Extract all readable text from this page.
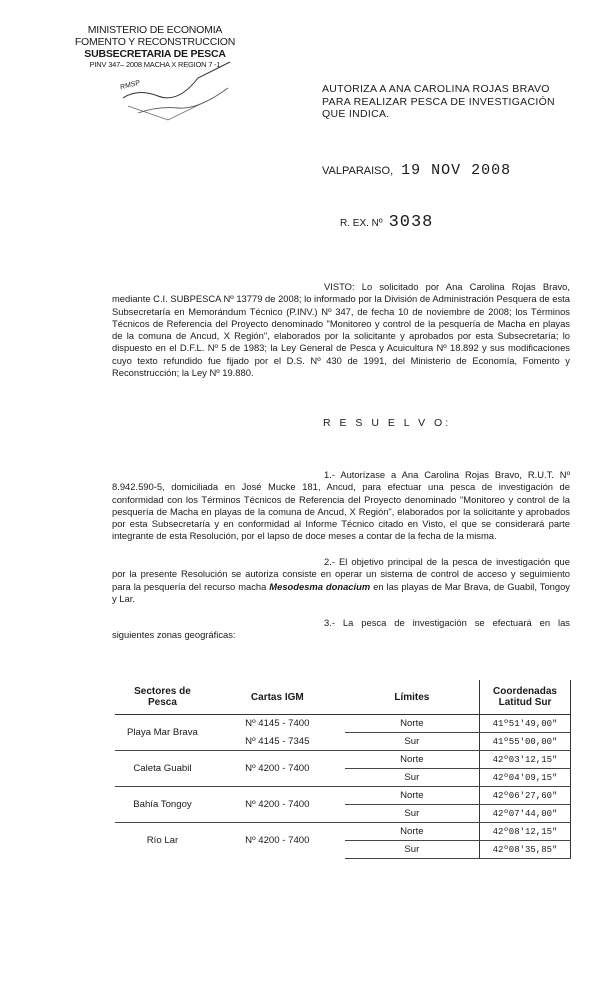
MINISTERIO DE ECONOMIA
FOMENTO Y RECONSTRUCCION
SUBSECRETARIA DE PESCA
PINV 347– 2008 MACHA X REGION 7 -1
RMSP	AUTORIZA A ANA CAROLINA ROJAS BRAVO PARA REALIZAR PESCA DE INVESTIGACIÓN QUE INDICA.
VALPARAISO, 19 NOV 2008
R. EX. Nº 3038
VISTO: Lo solicitado por Ana Carolina Rojas Bravo, mediante C.I. SUBPESCA Nº 13779 de 2008; lo informado por la División de Administración Pesquera de esta Subsecretaría en Memorándum Técnico (P.INV.) Nº 347, de fecha 10 de noviembre de 2008; los Términos Técnicos de Referencia del Proyecto denominado "Monitoreo y control de la pesquería de Macha en playas de la comuna de Ancud, X Región", elaborados por la solicitante y aprobados por esta Subsecretaría; lo dispuesto en el D.F.L. Nº 5 de 1983; la Ley General de Pesca y Acuicultura Nº 18.892 y sus modificaciones cuyo texto refundido fue fijado por el D.S. Nº 430 de 1991, del Ministerio de Economía, Fomento y Reconstrucción; la Ley Nº 19.880.
R E S U E L V O:
1.- Autorízase a Ana Carolina Rojas Bravo, R.U.T. Nº 8.942.590-5, domiciliada en José Mucke 181, Ancud, para efectuar una pesca de investigación de conformidad con los Términos Técnicos de Referencia del Proyecto denominado "Monitoreo y control de la pesquería de Macha en playas de la comuna de Ancud, X Región", elaborados por la solicitante y aprobados por esta Subsecretaría y en conformidad al Informe Técnico citado en Visto, el que se considerará parte integrante de esta Resolución, por el lapso de doce meses a contar de la fecha de la misma.
2.- El objetivo principal de la pesca de investigación que por la presente Resolución se autoriza consiste en operar un sistema de control de acceso y seguimiento para la pesquería del recurso macha Mesodesma donacium en las playas de Mar Brava, de Guabil, Tongoy y Lar.
3.- La pesca de investigación se efectuará en las siguientes zonas geográficas:
Sectores de Pesca	Cartas IGM	Límites	Coordenadas Latitud Sur
Playa Mar Brava	Nº 4145 - 7400	Norte	41º51'49,00"
	Nº 4145 - 7345	Sur	41º55'00,00"
Caleta Guabil	Nº 4200 - 7400	Norte	42º03'12,15"
		Sur	42º04'09,15"
Bahía Tongoy	Nº 4200 - 7400	Norte	42º06'27,60"
		Sur	42º07'44,00"
Río Lar	Nº 4200 - 7400	Norte	42º08'12,15"
		Sur	42º08'35,85"
